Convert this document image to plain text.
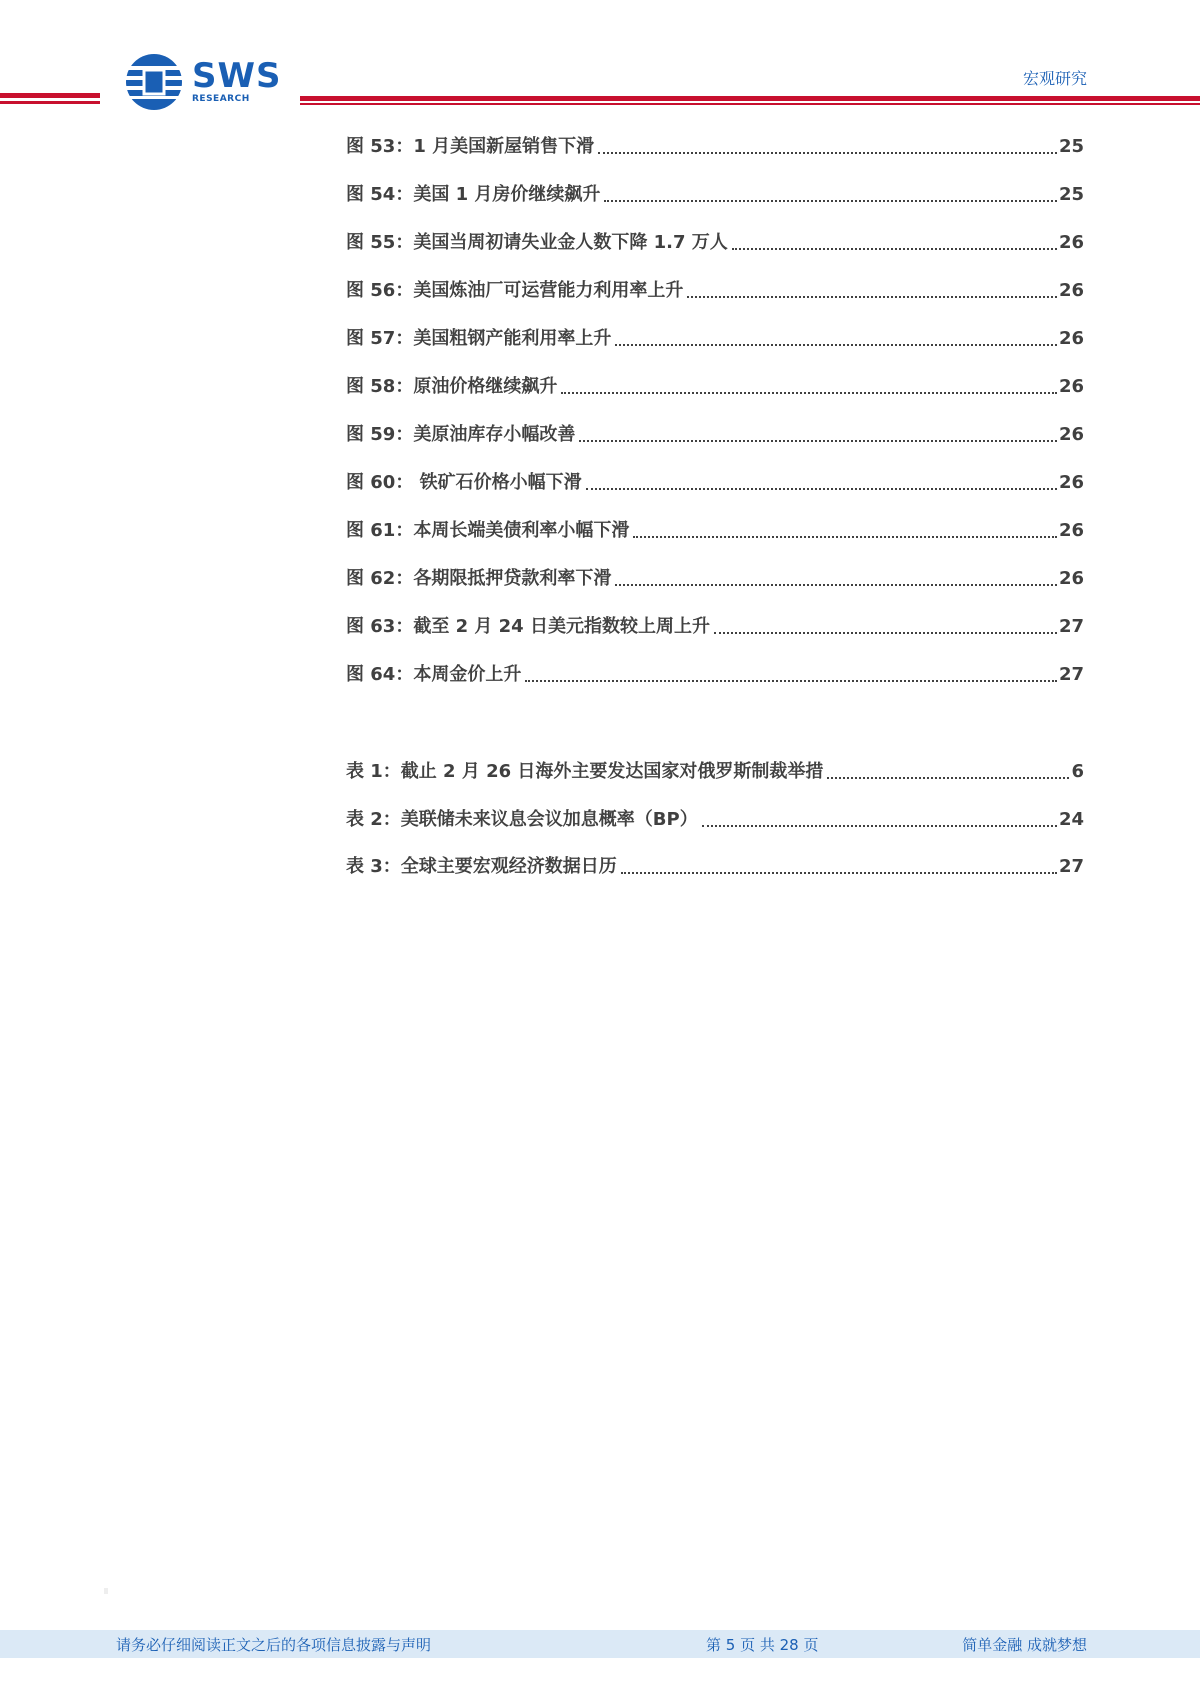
SWS
RESEARCH
宏观研究
图 53：1 月美国新屋销售下滑	25
图 54：美国 1 月房价继续飙升	25
图 55：美国当周初请失业金人数下降 1.7 万人	26
图 56：美国炼油厂可运营能力利用率上升	26
图 57：美国粗钢产能利用率上升	26
图 58：原油价格继续飙升	26
图 59：美原油库存小幅改善	26
图 60： 铁矿石价格小幅下滑	26
图 61：本周长端美债利率小幅下滑	26
图 62：各期限抵押贷款利率下滑	26
图 63：截至 2 月 24 日美元指数较上周上升	27
图 64：本周金价上升	27
表 1：截止 2 月 26 日海外主要发达国家对俄罗斯制裁举措	6
表 2：美联储未来议息会议加息概率（BP）	24
表 3：全球主要宏观经济数据日历	27
请务必仔细阅读正文之后的各项信息披露与声明	第 5 页 共 28 页	简单金融 成就梦想
